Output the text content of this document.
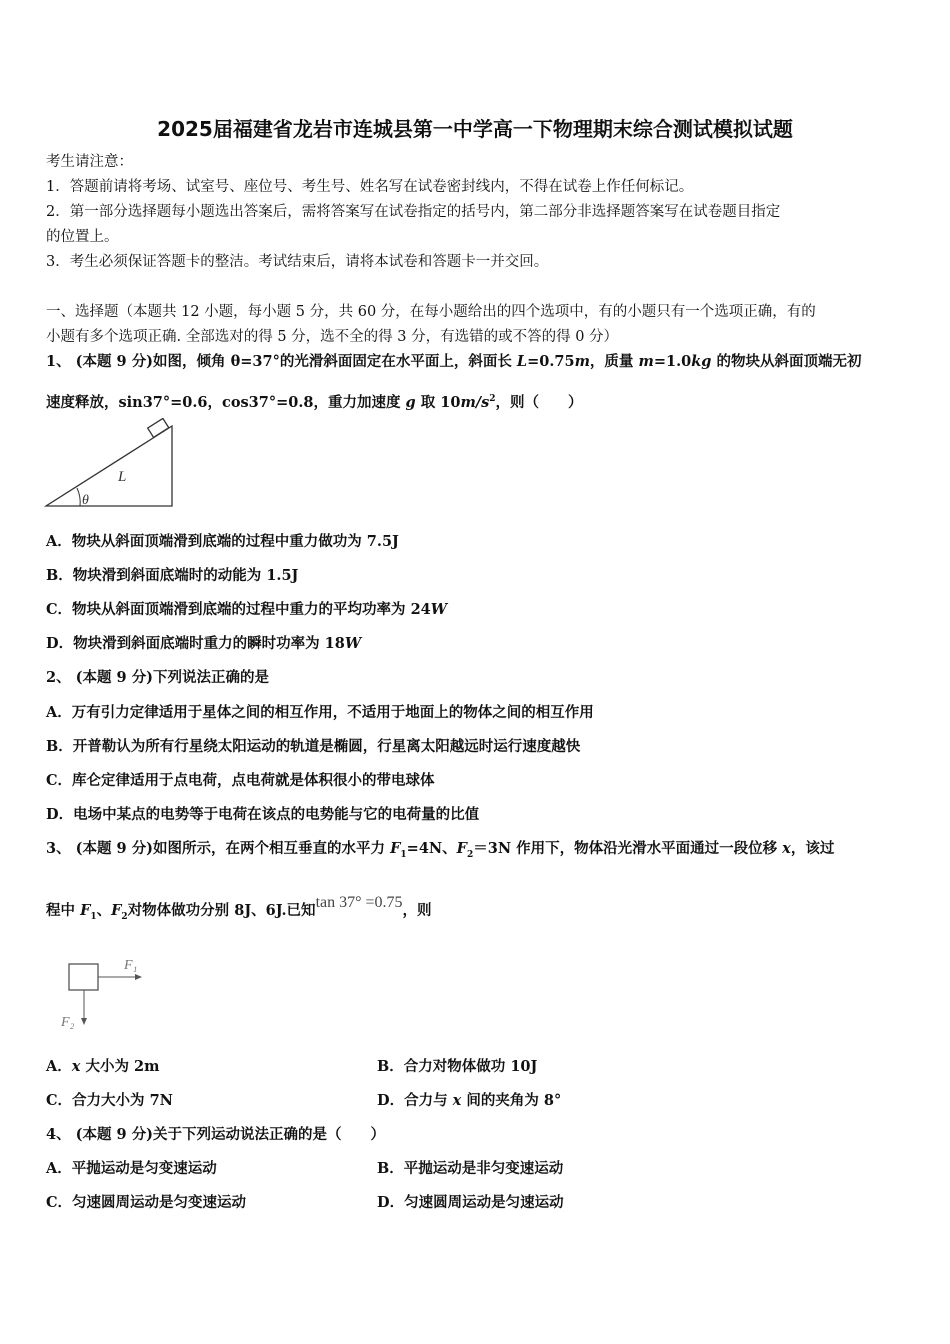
2025届福建省龙岩市连城县第一中学高一下物理期末综合测试模拟试题
考生请注意：
1．答题前请将考场、试室号、座位号、考生号、姓名写在试卷密封线内，不得在试卷上作任何标记。
2．第一部分选择题每小题选出答案后，需将答案写在试卷指定的括号内，第二部分非选择题答案写在试卷题目指定
的位置上。
3．考生必须保证答题卡的整洁。考试结束后，请将本试卷和答题卡一并交回。
一、选择题（本题共 12 小题，每小题 5 分，共 60 分，在每小题给出的四个选项中，有的小题只有一个选项正确，有的
小题有多个选项正确. 全部选对的得 5 分，选不全的得 3 分，有选错的或不答的得 0 分）
1、 (本题 9 分)如图，倾角 θ=37°的光滑斜面固定在水平面上，斜面长 L=0.75m，质量 m=1.0kg 的物块从斜面顶端无初
速度释放，sin37°=0.6，cos37°=0.8，重力加速度 g 取 $10m/s^2$，则（　　）
L
θ
A．物块从斜面顶端滑到底端的过程中重力做功为 7.5J
B．物块滑到斜面底端时的动能为 1.5J
C．物块从斜面顶端滑到底端的过程中重力的平均功率为 24W
D．物块滑到斜面底端时重力的瞬时功率为 18W
2、 (本题 9 分)下列说法正确的是
A．万有引力定律适用于星体之间的相互作用，不适用于地面上的物体之间的相互作用
B．开普勒认为所有行星绕太阳运动的轨道是椭圆，行星离太阳越远时运行速度越快
C．库仑定律适用于点电荷，点电荷就是体积很小的带电球体
D．电场中某点的电势等于电荷在该点的电势能与它的电荷量的比值
3、 (本题 9 分)如图所示，在两个相互垂直的水平力 $F_1=4N$、$F_2=3N$ 作用下，物体沿光滑水平面通过一段位移 x，该过
程中 $F_1$、$F_2$对物体做功分别 8J、6J.已知tan 37° =0.75，则
F₁
F₂
A．x 大小为 2m	B．合力对物体做功 10J
C．合力大小为 7N	D．合力与 x 间的夹角为 8°
4、 (本题 9 分)关于下列运动说法正确的是（　　）
A．平抛运动是匀变速运动	B．平抛运动是非匀变速运动
C．匀速圆周运动是匀变速运动	D．匀速圆周运动是匀速运动
